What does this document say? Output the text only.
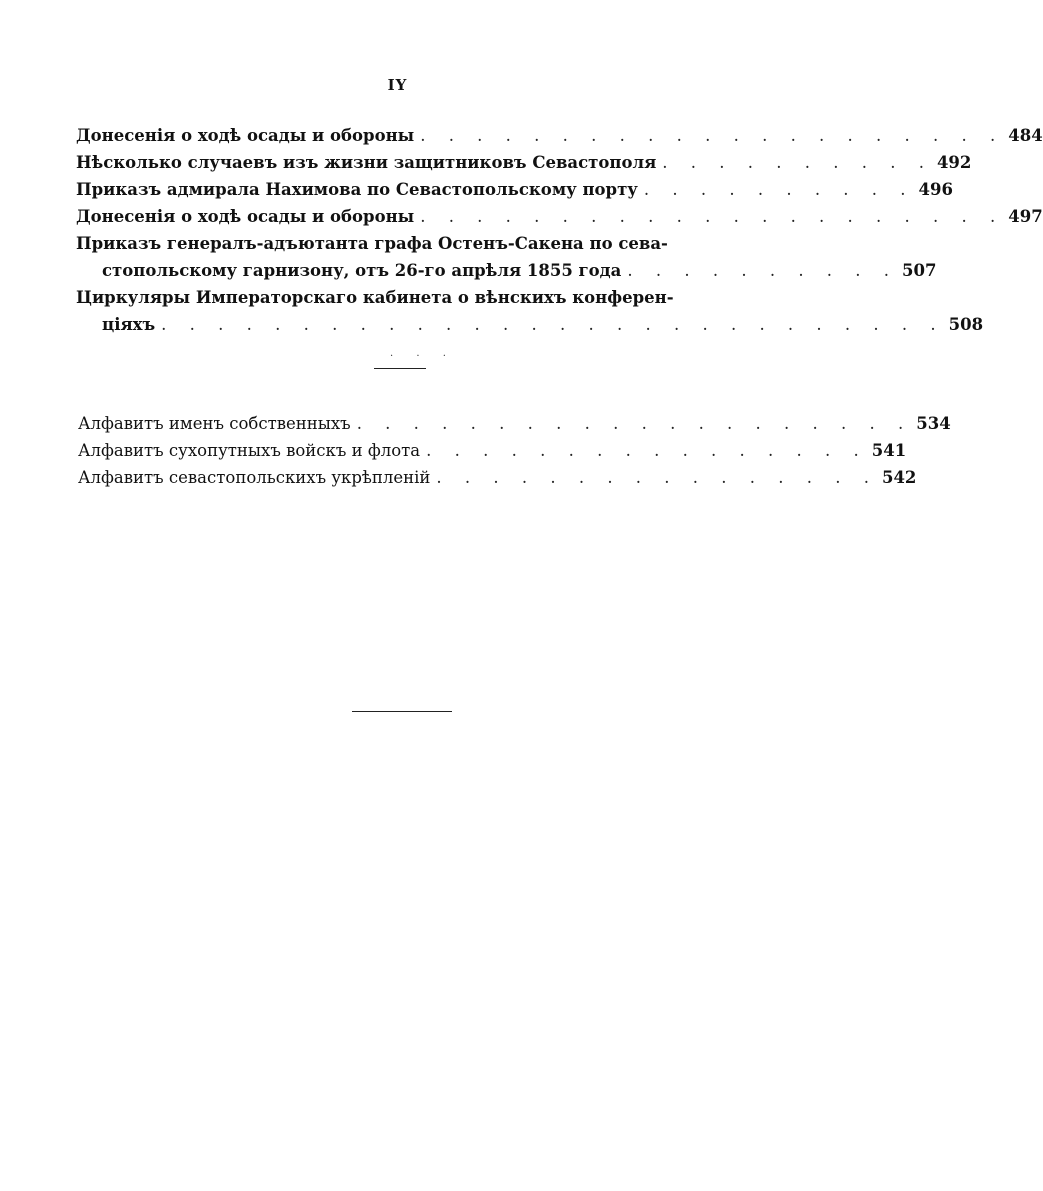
IY
Донесенія о ходѣ осады и обороны . . . . . . . . . . . . . . . . . . . . . 484
Нѣсколько случаевъ изъ жизни защитниковъ Севастополя . . . . . . . . . . 492
Приказъ адмирала Нахимова по Севастопольскому порту . . . . . . . . . . 496
Донесенія о ходѣ осады и обороны . . . . . . . . . . . . . . . . . . . . . 497
Приказъ генералъ-адъютанта графа Остенъ-Сакена по сева-
стопольскому гарнизону, отъ 26-го апрѣля 1855 года . . . . . . . . . . 507
Циркуляры Императорскаго кабинета о вѣнскихъ конферен-
ціяхъ . . . . . . . . . . . . . . . . . . . . . . . . . . . . 508
. . .
Алфавитъ именъ собственныхъ . . . . . . . . . . . . . . . . . . . . 534
Алфавитъ сухопутныхъ войскъ и флота . . . . . . . . . . . . . . . . 541
Алфавитъ севастопольскихъ укрѣпленій . . . . . . . . . . . . . . . . 542
